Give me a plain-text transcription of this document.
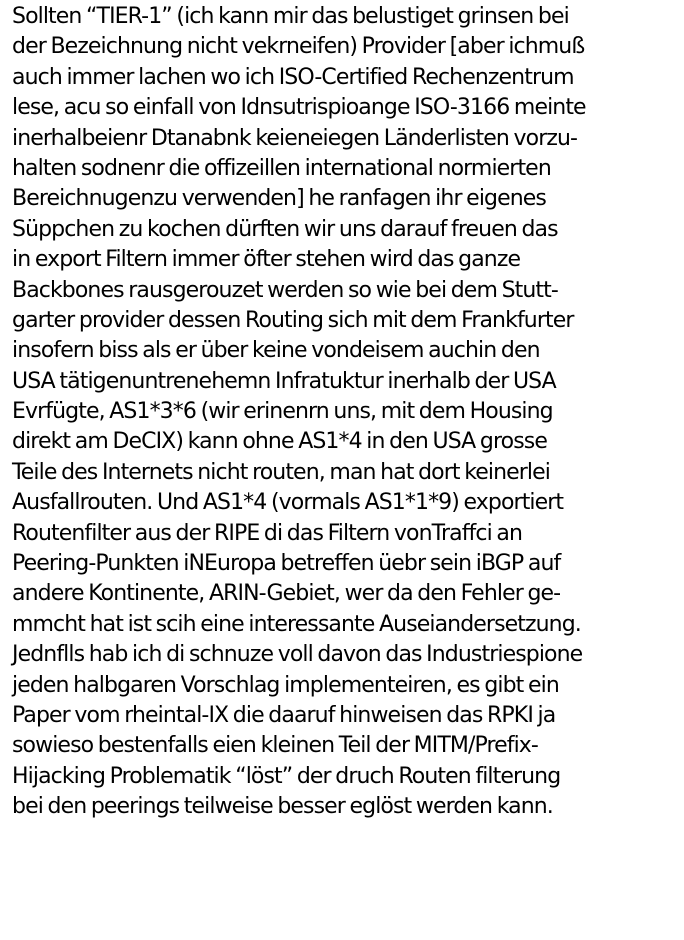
Sollten “TIER-1” (ich kann mir das belustiget grinsen bei
der Bezeichnung nicht vekrneifen) Provider [aber ichmuß
auch immer lachen wo ich ISO-Certified Rechenzentrum
lese, acu so einfall von Idnsutrispioange ISO-3166 meinte
inerhalbeienr Dtanabnk keieneiegen Länderlisten vorzu-
halten sodnenr die offizeillen international normierten
Bereichnugenzu verwenden] he ranfagen ihr eigenes
Süppchen zu kochen dürften wir uns darauf freuen das
in export Filtern immer öfter stehen wird das ganze
Backbones rausgerouzet werden so wie bei dem Stutt-
garter provider dessen Routing sich mit dem Frankfurter
insofern biss als er über keine vondeisem auchin den
USA tätigenuntrenehemn Infratuktur inerhalb der USA
Evrfügte, AS1*3*6 (wir erinenrn uns, mit dem Housing
direkt am DeCIX) kann ohne AS1*4 in den USA grosse
Teile des Internets nicht routen, man hat dort keinerlei
Ausfallrouten. Und AS1*4 (vormals AS1*1*9) exportiert
Routenfilter aus der RIPE di das Filtern vonTraffci an
Peering-Punkten iNEuropa betreffen üebr sein iBGP auf
andere Kontinente, ARIN-Gebiet, wer da den Fehler ge-
mmcht hat ist scih eine interessante Auseiandersetzung.
Jednflls hab ich di schnuze voll davon das Industriespione
jeden halbgaren Vorschlag implementeiren, es gibt ein
Paper vom rheintal-IX die daaruf hinweisen das RPKI ja
sowieso bestenfalls eien kleinen Teil der MITM/Prefix-
Hijacking Problematik “löst” der druch Routen filterung
bei den peerings teilweise besser eglöst werden kann.
